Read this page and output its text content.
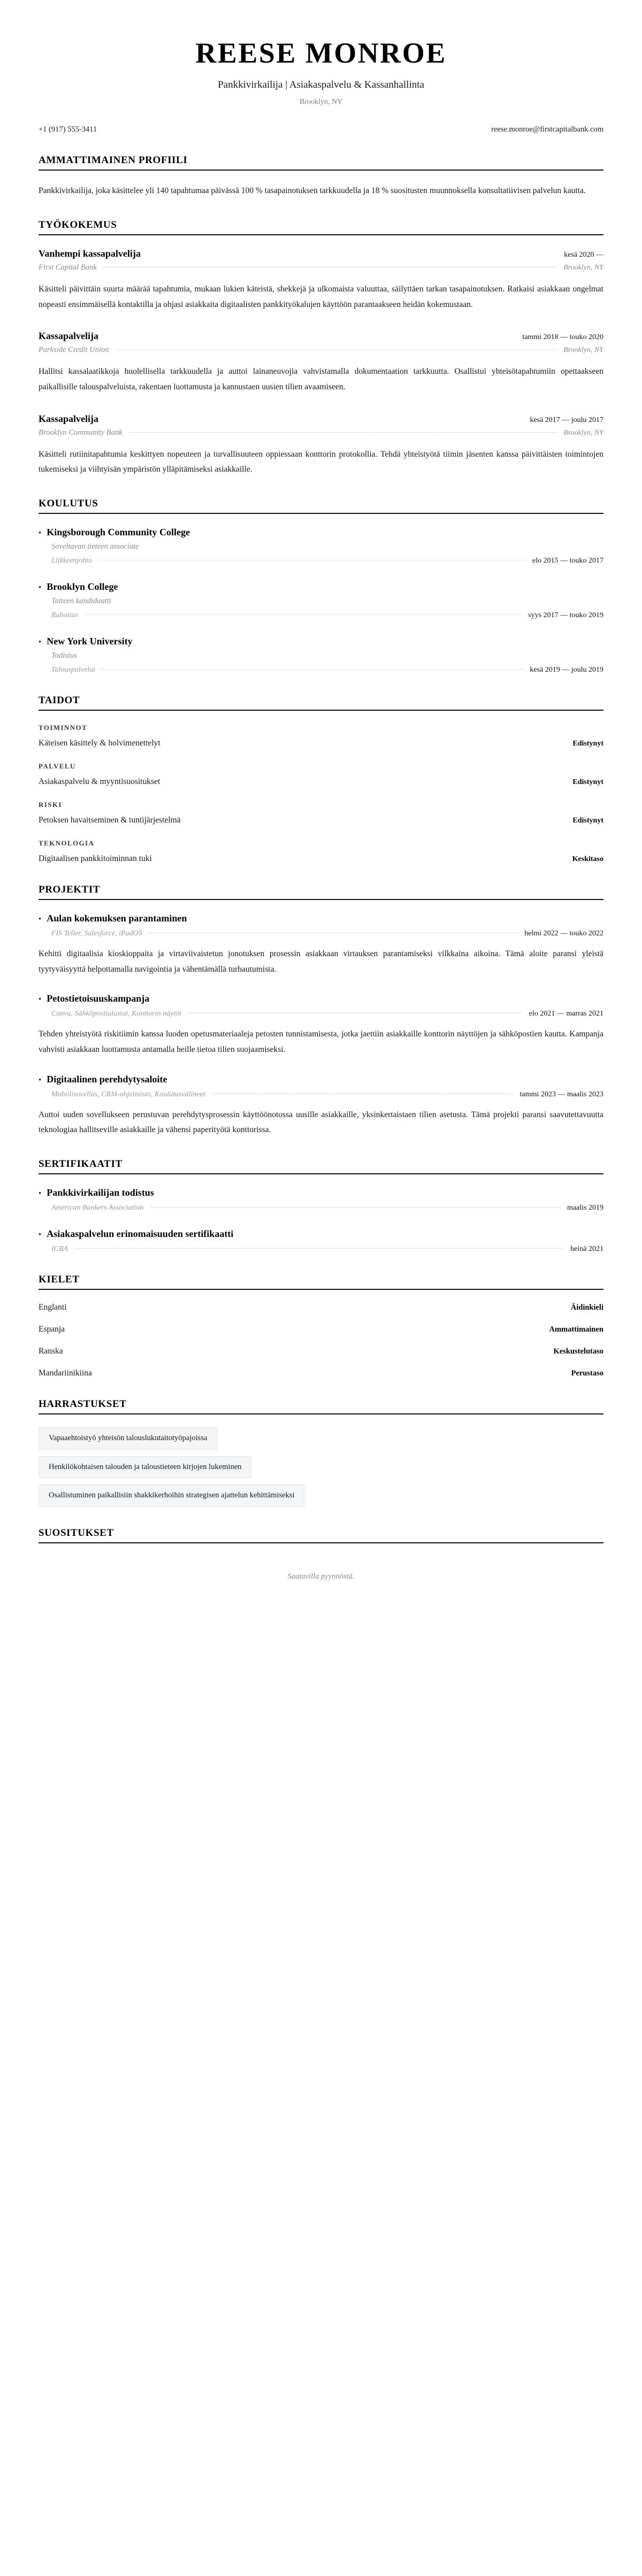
REESE MONROE
Pankkivirkailija | Asiakaspalvelu & Kassanhallinta
Brooklyn, NY
+1 (917) 555-3411	reese.monroe@firstcapitalbank.com
AMMATTIMAINEN PROFIILI

Pankkivirkailija, joka käsittelee yli 140 tapahtumaa päivässä 100 % tasapainotuksen tarkkuudella ja 18 % suositusten muunnoksella konsultatiivisen palvelun kautta.

TYÖKOKEMUS
Vanhempi kassapalvelija	kesä 2020 —
First Capital Bank	Brooklyn, NY

Käsitteli päivittäin suurta määrää tapahtumia, mukaan lukien käteistä, shekkejä ja ulkomaista valuuttaa, säilyttäen tarkan tasapainotuksen. Ratkaisi asiakkaan ongelmat nopeasti ensimmäisellä kontaktilla ja ohjasi asiakkaita digitaalisten pankkityökalujen käyttöön parantaakseen heidän kokemustaan.

Kassapalvelija	tammi 2018 — touko 2020
Parkside Credit Union	Brooklyn, NY

Hallitsi kassalaatikkoja huolellisella tarkkuudella ja auttoi lainaneuvojia vahvistamalla dokumentaation tarkkuutta. Osallistui yhteisötapahtumiin opettaakseen paikallisille talouspalveluista, rakentaen luottamusta ja kannustaen uusien tilien avaamiseen.

Kassapalvelija	kesä 2017 — joulu 2017
Brooklyn Community Bank	Brooklyn, NY

Käsitteli rutiinitapahtumia keskittyen nopeuteen ja turvallisuuteen oppiessaan konttorin protokollia. Tehdä yhteistyötä tiimin jäsenten kanssa päivittäisten toimintojen tukemiseksi ja viihtyisän ympäristön ylläpitämiseksi asiakkaille.

KOULUTUS
• Kingsborough Community College
Soveltavan tieteen associate
Liikkeenjohto	elo 2015 — touko 2017
• Brooklyn College
Taiteen kandidaatti
Rahoitus	syys 2017 — touko 2019
• New York University
Todistus
Talouspalvelut	kesä 2019 — joulu 2019
TAIDOT
TOIMINNOT
Käteisen käsittely & holvimenettelyt	Edistynyt
PALVELU
Asiakaspalvelu & myyntisuositukset	Edistynyt
RISKI
Petoksen havaitseminen & tuntijärjestelmä	Edistynyt
TEKNOLOGIA
Digitaalisen pankkitoiminnan tuki	Keskitaso
PROJEKTIT
• Aulan kokemuksen parantaminen
FIS Teller, Salesforce, iPadOS	helmi 2022 — touko 2022

Kehitti digitaalisia kioskioppaita ja virtaviivaistetun jonotuksen prosessin asiakkaan virtauksen parantamiseksi vilkkaina aikoina. Tämä aloite paransi yleistä tyytyväisyyttä helpottamalla navigointia ja vähentämällä turhautumista.

• Petostietoisuuskampanja
Canva, Sähköpostialustat, Konttorin näytöt	elo 2021 — marras 2021

Tehden yhteistyötä riskitiimin kanssa luoden opetusmateriaaleja petosten tunnistamisesta, jotka jaettiin asiakkaille konttorin näyttöjen ja sähköpostien kautta. Kampanja vahvisti asiakkaan luottamusta antamalla heille tietoa tilien suojaamiseksi.

• Digitaalinen perehdytysaloite
Mobiilisovellus, CRM-ohjelmisto, Koulutusvälineet	tammi 2023 — maalis 2023

Auttoi uuden sovellukseen perustuvan perehdytysprosessin käyttöönotossa uusille asiakkaille, yksinkertaistaen tilien asetusta. Tämä projekti paransi saavutettavuutta teknologiaa hallitseville asiakkaille ja vähensi paperityötä konttorissa.

SERTIFIKAATIT
• Pankkivirkailijan todistus
American Bankers Association	maalis 2019
• Asiakaspalvelun erinomaisuuden sertifikaatti
ICBA	heinä 2021
KIELET
Englanti	Äidinkieli
Espanja	Ammattimainen
Ranska	Keskustelutaso
Mandariinikiina	Perustaso
HARRASTUKSET
Vapaaehtoistyö yhteisön talouslukutaitotyöpajoissa
Henkilökohtaisen talouden ja taloustieteen kirjojen lukeminen
Osallistuminen paikallisiin shakkikerhoihin strategisen ajattelun kehittämiseksi
SUOSITUKSET
Saatavilla pyynnöstä.
